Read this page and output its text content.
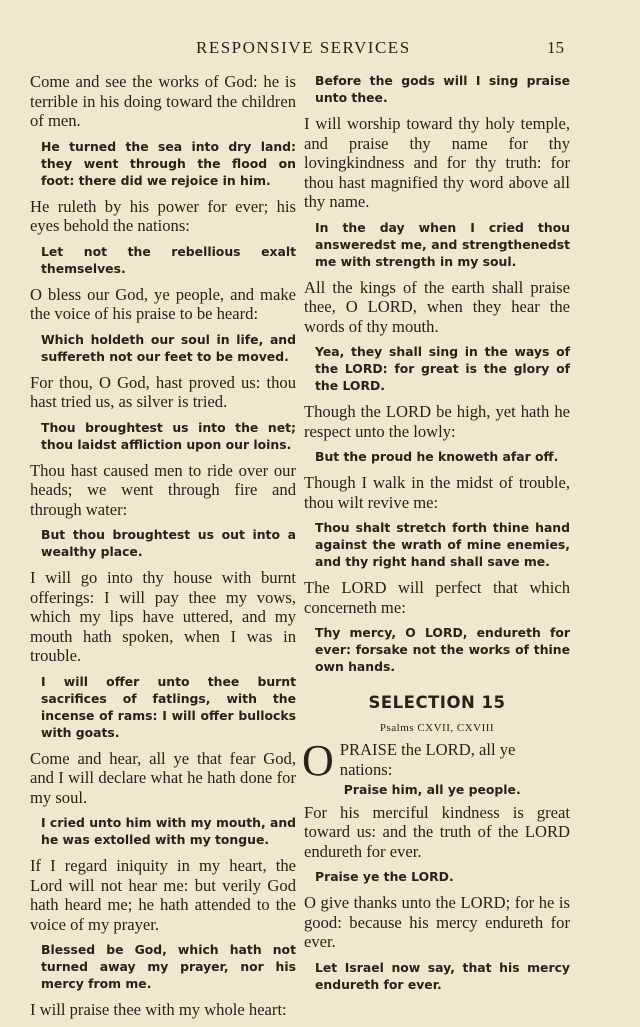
RESPONSIVE SERVICES	15

Come and see the works of God: he is terrible in his doing toward the children of men.

He turned the sea into dry land: they went through the flood on foot: there did we rejoice in him.

He ruleth by his power for ever; his eyes behold the nations:

Let not the rebellious exalt themselves.

O bless our God, ye people, and make the voice of his praise to be heard:

Which holdeth our soul in life, and suffereth not our feet to be moved.

For thou, O God, hast proved us: thou hast tried us, as silver is tried.

Thou broughtest us into the net; thou laidst affliction upon our loins.

Thou hast caused men to ride over our heads; we went through fire and through water:

But thou broughtest us out into a wealthy place.

I will go into thy house with burnt offerings: I will pay thee my vows, which my lips have uttered, and my mouth hath spoken, when I was in trouble.

I will offer unto thee burnt sacrifices of fatlings, with the incense of rams: I will offer bullocks with goats.

Come and hear, all ye that fear God, and I will declare what he hath done for my soul.

I cried unto him with my mouth, and he was extolled with my tongue.

If I regard iniquity in my heart, the Lord will not hear me: but verily God hath heard me; he hath attended to the voice of my prayer.

Blessed be God, which hath not turned away my prayer, nor his mercy from me.

I will praise thee with my whole heart:

Before the gods will I sing praise unto thee.

I will worship toward thy holy temple, and praise thy name for thy lovingkindness and for thy truth: for thou hast magnified thy word above all thy name.

In the day when I cried thou answeredst me, and strengthenedst me with strength in my soul.

All the kings of the earth shall praise thee, O LORD, when they hear the words of thy mouth.

Yea, they shall sing in the ways of the LORD: for great is the glory of the LORD.

Though the LORD be high, yet hath he respect unto the lowly:

But the proud he knoweth afar off.

Though I walk in the midst of trouble, thou wilt revive me:

Thou shalt stretch forth thine hand against the wrath of mine enemies, and thy right hand shall save me.

The LORD will perfect that which concerneth me:

Thy mercy, O LORD, endureth for ever: forsake not the works of thine own hands.

SELECTION 15
Psalms CXVII, CXVIII
O PRAISE the LORD, all ye nations:
Praise him, all ye people.

For his merciful kindness is great toward us: and the truth of the LORD endureth for ever.

Praise ye the LORD.

O give thanks unto the LORD; for he is good: because his mercy endureth for ever.

Let Israel now say, that his mercy endureth for ever.
